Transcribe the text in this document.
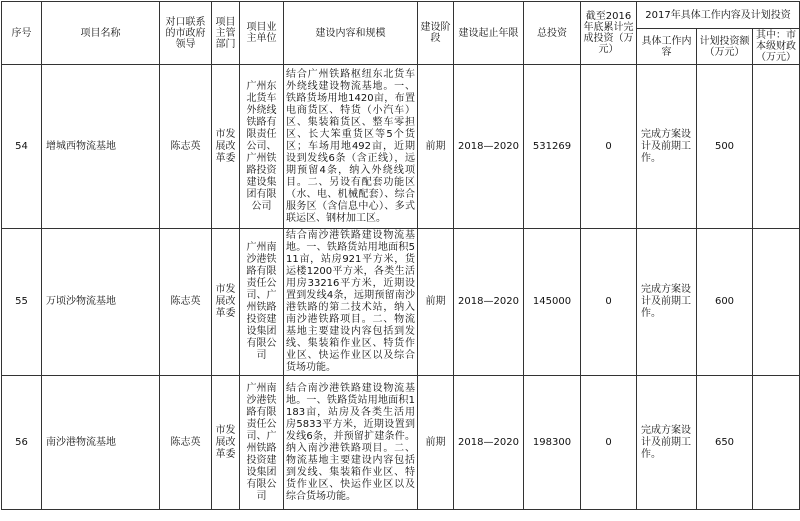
序号	项目名称	对口联系的市政府领导	项目主管部门	项目业主单位	建设内容和规模	建设阶段	建设起止年限	总投资	截至2016年底累计完成投资（万元）	2017年具体工作内容及计划投资		
										具体工作内容	计划投资额（万元）	其中：市本级财政（万元）
54	增城西物流基地	陈志英	市发展改革委	广州东北货车外绕线铁路有限责任公司、广州铁路投资建设集团有限公司	结合广州铁路枢纽东北货车外绕线建设物流基地。一、铁路货场用地1420亩，布置电商货区、特货（小汽车）区、集装箱货区、整车零担区、长大笨重货区等5个货区；车场用地492亩，近期设到发线6条（含正线），远期预留4条，纳入外绕线项目。二、另设有配套功能区（水、电、机械配套）、综合服务区（含信息中心）、多式联运区、钢材加工区。	前期	2018—2020	531269	0	完成方案设计及前期工作。	500	
55	万顷沙物流基地	陈志英	市发展改革委	广州南沙港铁路有限责任公司、广州铁路投资建设集团有限公司	结合南沙港铁路建设物流基地。一、铁路货站用地面积511亩，站房921平方米，货运楼1200平方米，各类生活用房33216平方米，近期设置到发线4条，远期预留南沙港铁路的第二技术站，纳入南沙港铁路项目。二、物流基地主要建设内容包括到发线、集装箱作业区、特货作业区、快运作业区以及综合货场功能。	前期	2018—2020	145000	0	完成方案设计及前期工作。	600	
56	南沙港物流基地	陈志英	市发展改革委	广州南沙港铁路有限责任公司、广州铁路投资建设集团有限公司	结合南沙港铁路建设物流基地。一、铁路货站用地面积1183亩，站房及各类生活用房5833平方米，近期设置到发线6条，并预留扩建条件。纳入南沙港铁路项目。二、物流基地主要建设内容包括到发线、集装箱作业区、特货作业区、快运作业区以及综合货场功能。	前期	2018—2020	198300	0	完成方案设计及前期工作。	650	
